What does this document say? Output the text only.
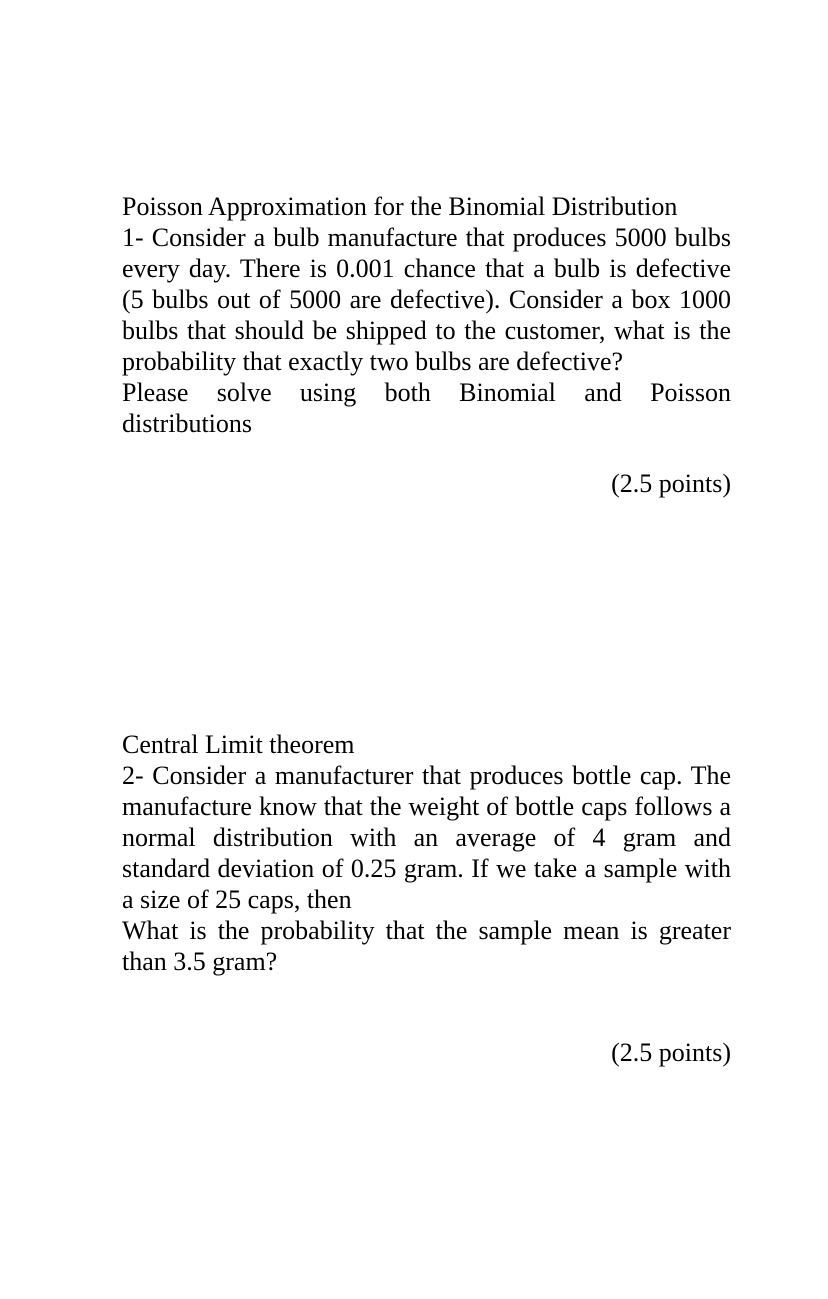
Poisson Approximation for the Binomial Distribution
1- Consider a bulb manufacture that produces 5000 bulbs every day. There is 0.001 chance that a bulb is defective (5 bulbs out of 5000 are defective). Consider a box 1000 bulbs that should be shipped to the customer, what is the probability that exactly two bulbs are defective?
Please solve using both Binomial and Poisson distributions
(2.5 points)
Central Limit theorem
2- Consider a manufacturer that produces bottle cap. The manufacture know that the weight of bottle caps follows a normal distribution with an average of 4 gram and standard deviation of 0.25 gram. If we take a sample with a size of 25 caps, then
What is the probability that the sample mean is greater than 3.5 gram?
(2.5 points)
